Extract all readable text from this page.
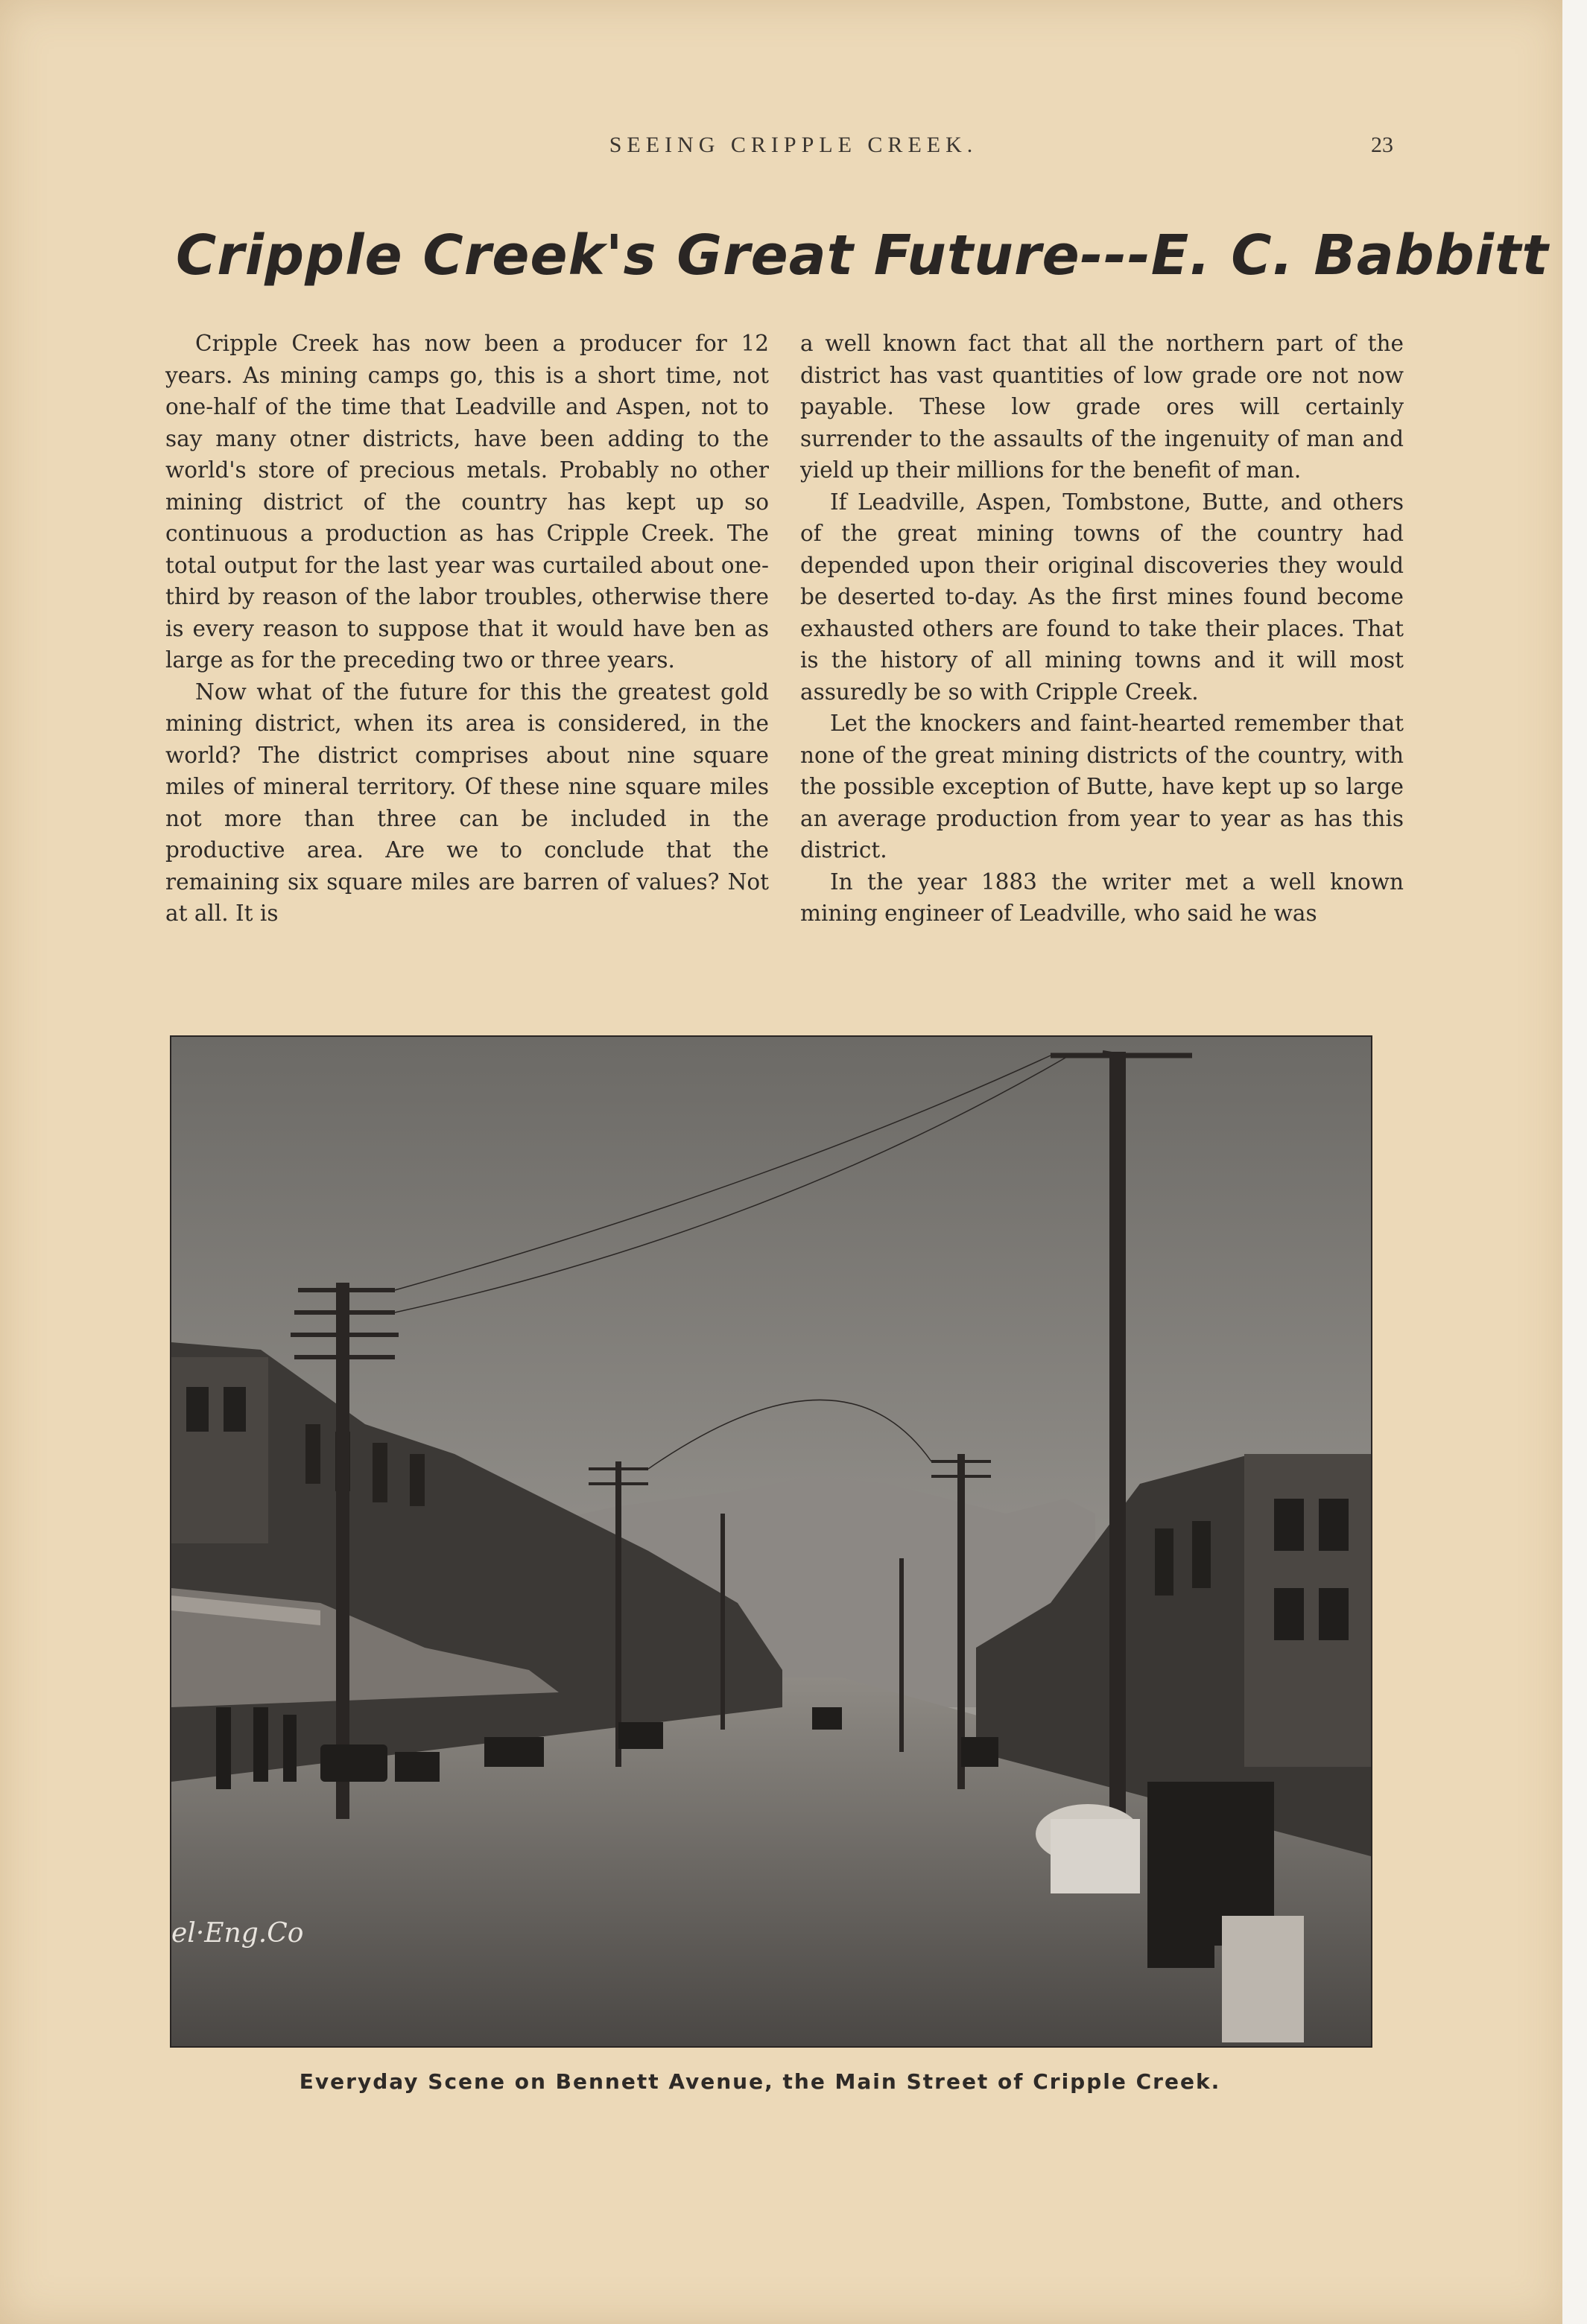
SEEING CRIPPLE CREEK.	23
Cripple Creek's Great Future---E. C. Babbitt

Cripple Creek has now been a producer for 12 years. As mining camps go, this is a short time, not one-half of the time that Leadville and Aspen, not to say many otner districts, have been adding to the world's store of precious metals. Probably no other mining district of the country has kept up so continuous a production as has Cripple Creek. The total output for the last year was curtailed about one-third by reason of the labor troubles, otherwise there is every reason to suppose that it would have ben as large as for the preceding two or three years.

Now what of the future for this the greatest gold mining district, when its area is considered, in the world? The district comprises about nine square miles of mineral territory. Of these nine square miles not more than three can be included in the productive area. Are we to conclude that the remaining six square miles are barren of values? Not at all. It is

a well known fact that all the northern part of the district has vast quantities of low grade ore not now payable. These low grade ores will certainly surrender to the assaults of the ingenuity of man and yield up their millions for the benefit of man.

If Leadville, Aspen, Tombstone, Butte, and others of the great mining towns of the country had depended upon their original discoveries they would be deserted to-day. As the first mines found become exhausted others are found to take their places. That is the history of all mining towns and it will most assuredly be so with Cripple Creek.

Let the knockers and faint-hearted remember that none of the great mining districts of the country, with the possible exception of Butte, have kept up so large an average production from year to year as has this district.

In the year 1883 the writer met a well known mining engineer of Leadville, who said he was

el·Eng.Co
Everyday Scene on Bennett Avenue, the Main Street of Cripple Creek.
